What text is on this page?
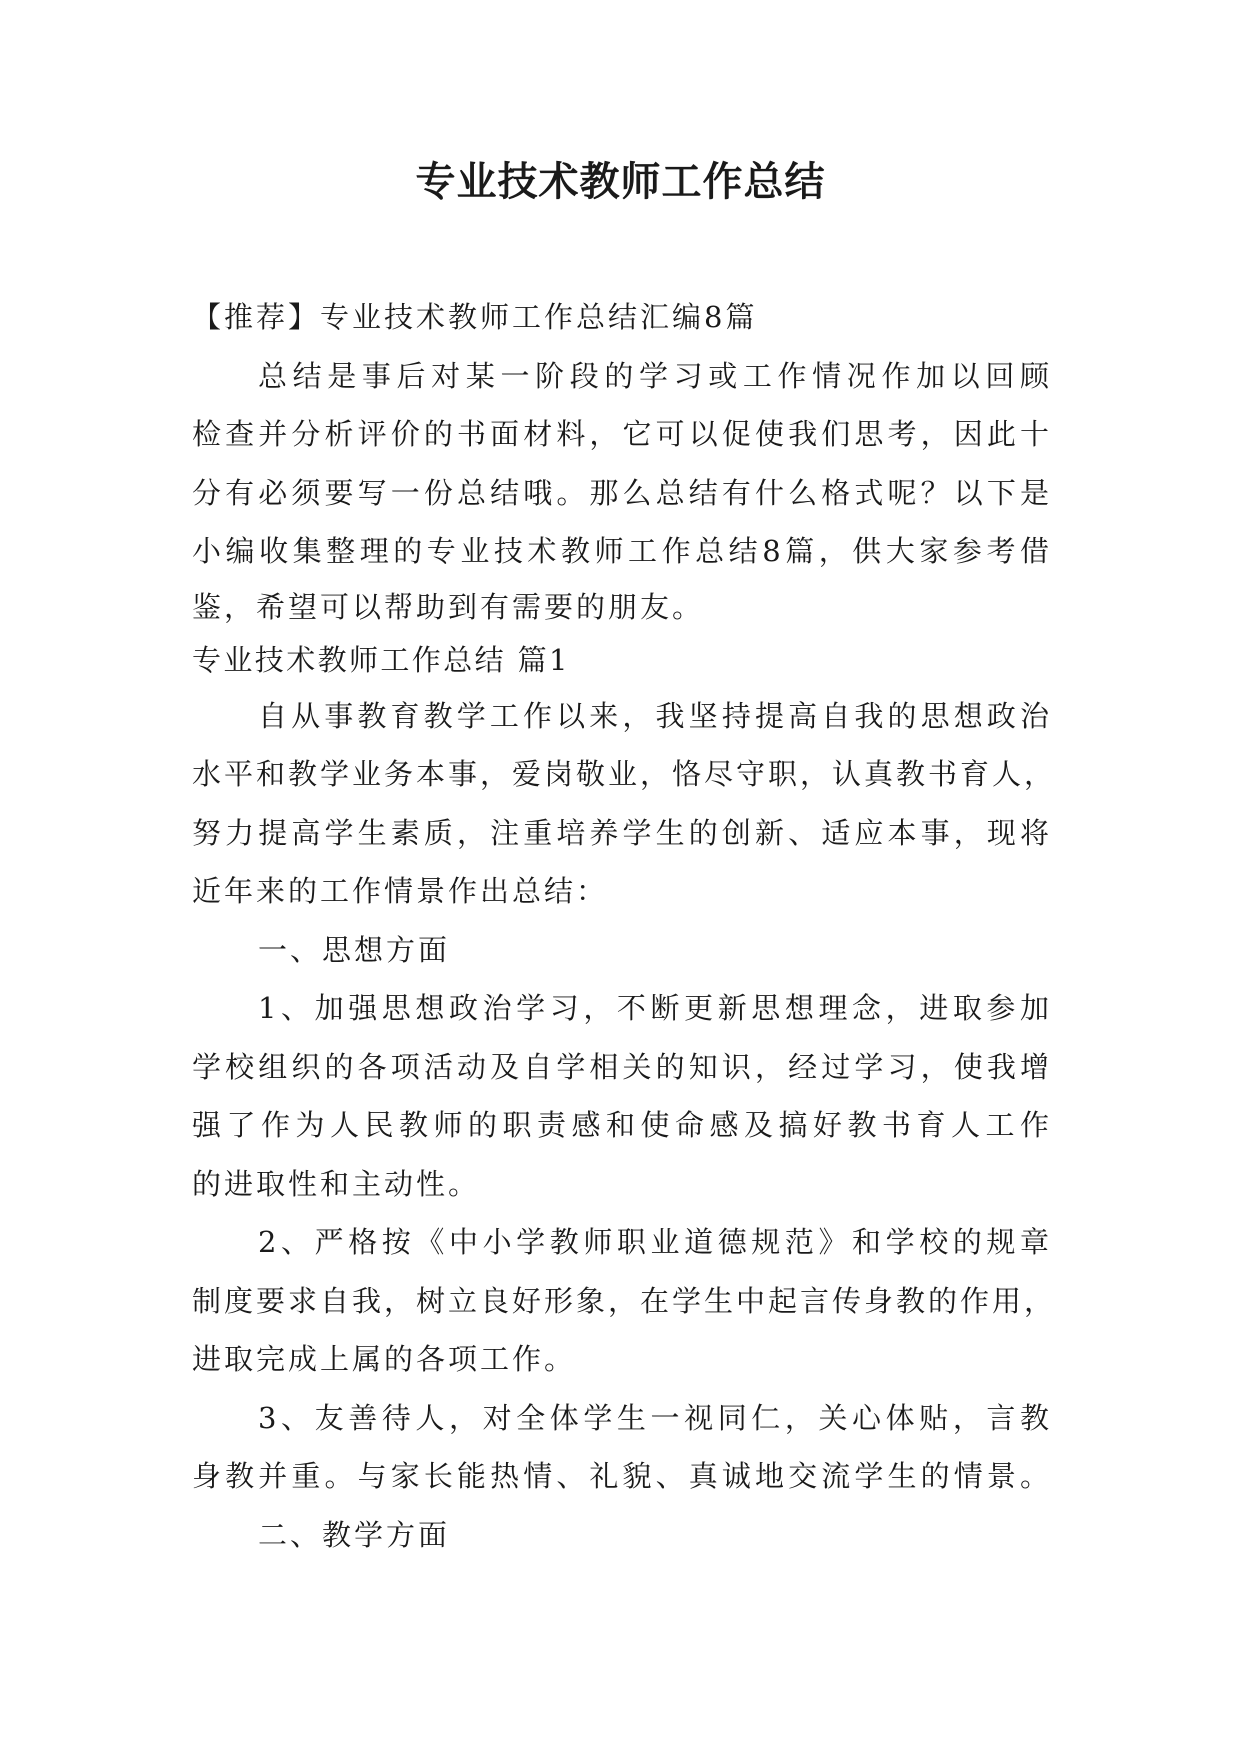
专业技术教师工作总结
【推荐】专业技术教师工作总结汇编8篇
总结是事后对某一阶段的学习或工作情况作加以回顾
检查并分析评价的书面材料，它可以促使我们思考，因此十
分有必须要写一份总结哦。那么总结有什么格式呢？以下是
小编收集整理的专业技术教师工作总结8篇，供大家参考借
鉴，希望可以帮助到有需要的朋友。
专业技术教师工作总结 篇1
自从事教育教学工作以来，我坚持提高自我的思想政治
水平和教学业务本事，爱岗敬业，恪尽守职，认真教书育人，
努力提高学生素质，注重培养学生的创新、适应本事，现将
近年来的工作情景作出总结：
一、思想方面
1、加强思想政治学习，不断更新思想理念，进取参加
学校组织的各项活动及自学相关的知识，经过学习，使我增
强了作为人民教师的职责感和使命感及搞好教书育人工作
的进取性和主动性。
2、严格按《中小学教师职业道德规范》和学校的规章
制度要求自我，树立良好形象，在学生中起言传身教的作用，
进取完成上属的各项工作。
3、友善待人，对全体学生一视同仁，关心体贴，言教
身教并重。与家长能热情、礼貌、真诚地交流学生的情景。
二、教学方面
